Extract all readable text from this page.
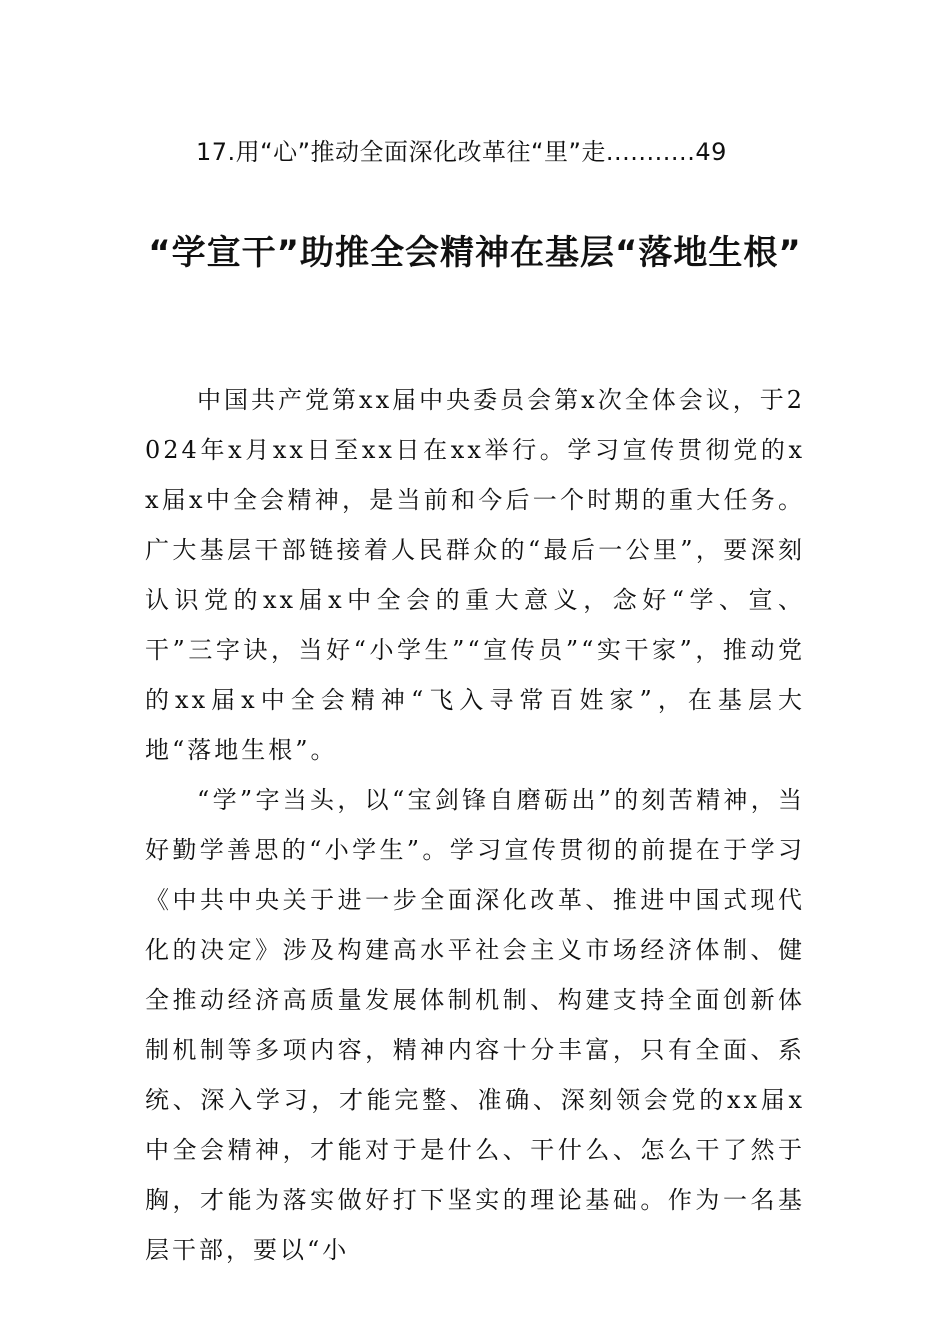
17.用“心”推动全面深化改革往“里”走...........49
“学宣干”助推全会精神在基层“落地生根”

中国共产党第xx届中央委员会第x次全体会议，于2024年x月xx日至xx日在xx举行。学习宣传贯彻党的xx届x中全会精神，是当前和今后一个时期的重大任务。广大基层干部链接着人民群众的“最后一公里”，要深刻认识党的xx届x中全会的重大意义，念好“学、宣、干”三字诀，当好“小学生”“宣传员”“实干家”，推动党的xx届x中全会精神“飞入寻常百姓家”，在基层大地“落地生根”。

“学”字当头，以“宝剑锋自磨砺出”的刻苦精神，当好勤学善思的“小学生”。学习宣传贯彻的前提在于学习《中共中央关于进一步全面深化改革、推进中国式现代化的决定》涉及构建高水平社会主义市场经济体制、健全推动经济高质量发展体制机制、构建支持全面创新体制机制等多项内容，精神内容十分丰富，只有全面、系统、深入学习，才能完整、准确、深刻领会党的xx届x中全会精神，才能对于是什么、干什么、怎么干了然于胸，才能为落实做好打下坚实的理论基础。作为一名基层干部，要以“小
